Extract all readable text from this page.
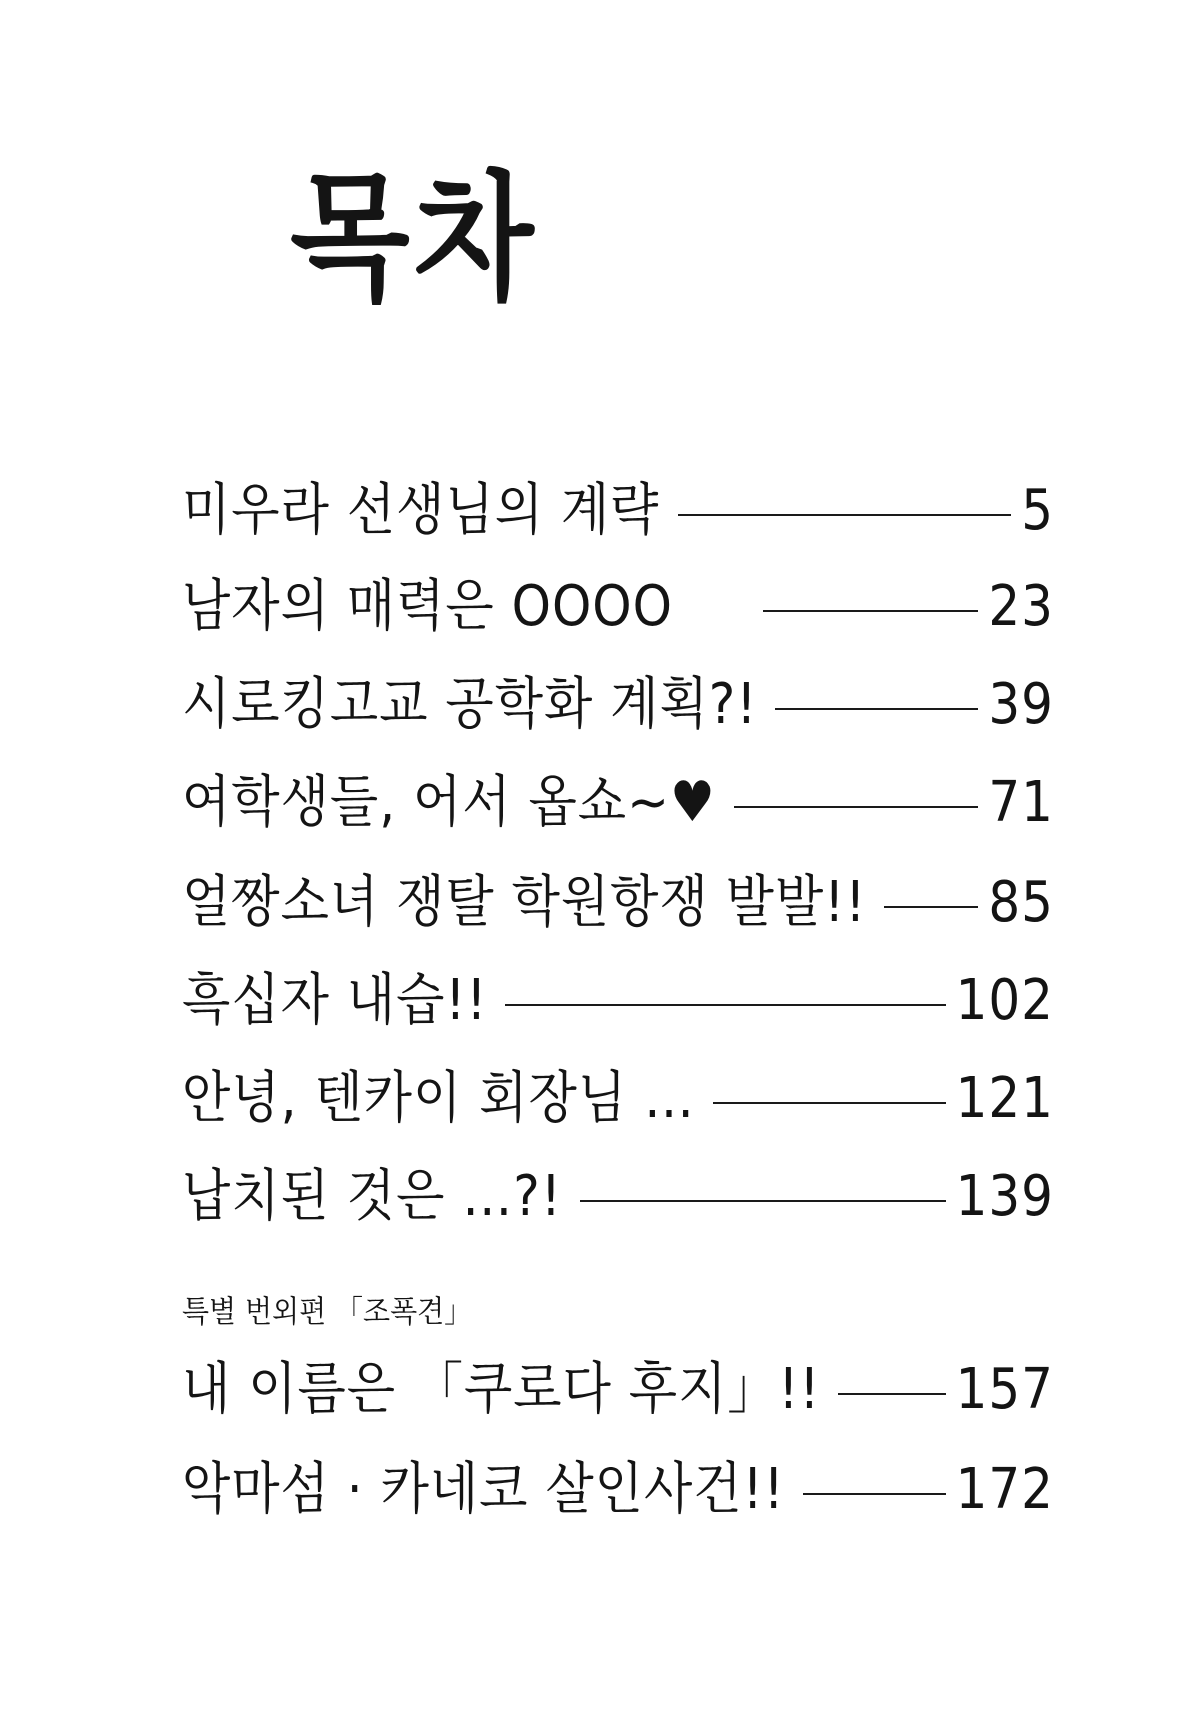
목차
미우라 선생님의 계략	5
남자의 매력은 OOOO	23
시로킹고교 공학화 계획?!	39
여학생들, 어서 옵쇼~♥	71
얼짱소녀 쟁탈 학원항쟁 발발!! 85
흑십자 내습!!	102
안녕, 텐카이 회장님 …	121
납치된 것은 …?!	139
특별 번외편 「조폭견」
내 이름은 「쿠로다 후지」!!	157
악마섬 · 카네코 살인사건!!	172
